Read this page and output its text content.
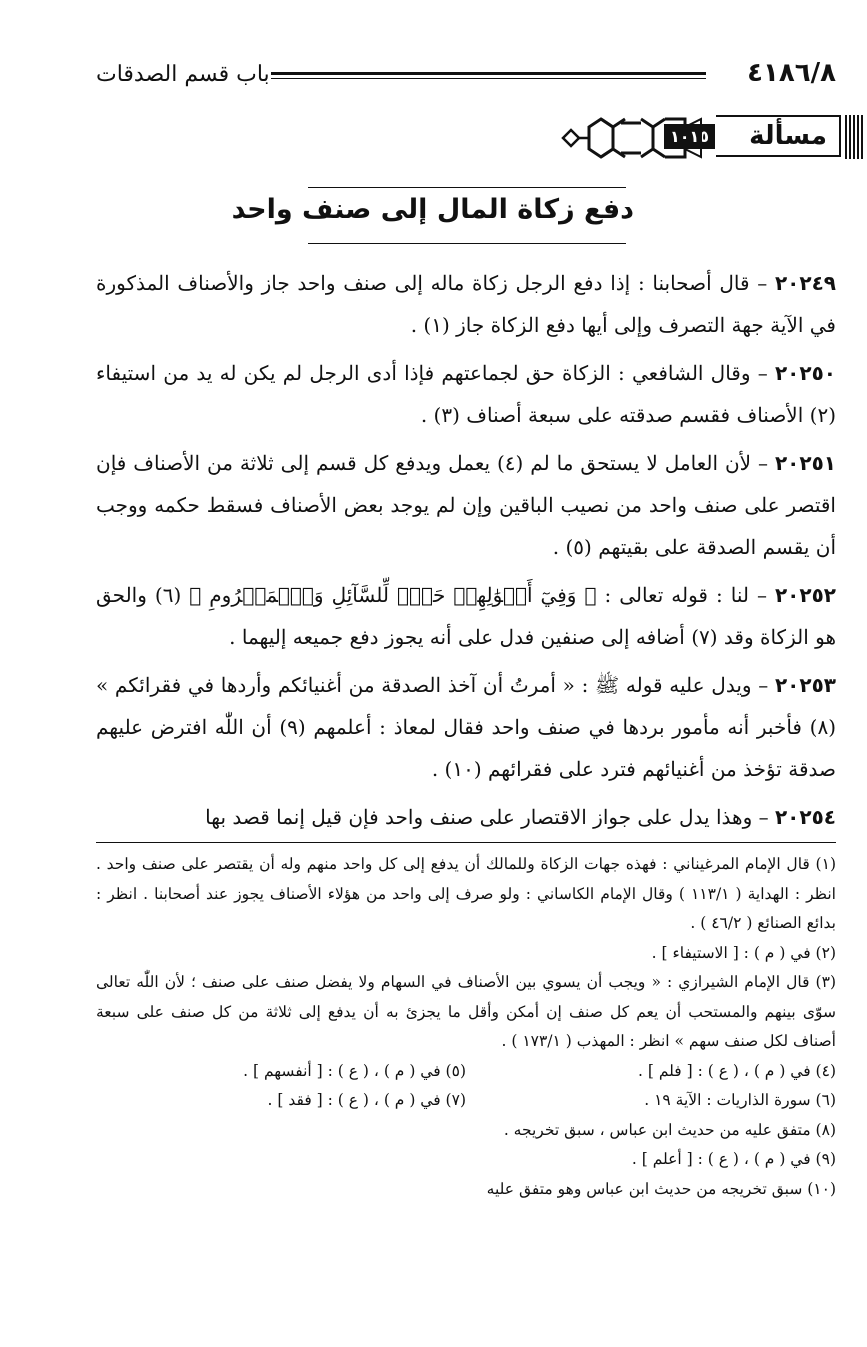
٤١٨٦/٨
باب قسم الصدقات
مسألة
١٠١٥
دفع زكاة المال إلى صنف واحد

٢٠٢٤٩ – قال أصحابنا : إذا دفع الرجل زكاة ماله إلى صنف واحد جاز والأصناف المذكورة في الآية جهة التصرف وإلى أيها دفع الزكاة جاز (١) .

٢٠٢٥٠ – وقال الشافعي : الزكاة حق لجماعتهم فإذا أدى الرجل لم يكن له يد من استيفاء (٢) الأصناف فقسم صدقته على سبعة أصناف (٣) .

٢٠٢٥١ – لأن العامل لا يستحق ما لم (٤) يعمل ويدفع كل قسم إلى ثلاثة من الأصناف فإن اقتصر على صنف واحد من نصيب الباقين وإن لم يوجد بعض الأصناف فسقط حكمه ووجب أن يقسم الصدقة على بقيتهم (٥) .

٢٠٢٥٢ – لنا : قوله تعالى : ﴿ وَفِيٓ أَمۡوَٰلِهِمۡ حَقّٞ لِّلسَّآئِلِ وَٱلۡمَحۡرُومِ ﴾ (٦) والحق هو الزكاة وقد (٧) أضافه إلى صنفين فدل على أنه يجوز دفع جميعه إليهما .

٢٠٢٥٣ – ويدل عليه قوله ﷺ : « أمرتُ أن آخذ الصدقة من أغنيائكم وأردها في فقرائكم » (٨) فأخبر أنه مأمور بردها في صنف واحد فقال لمعاذ : أعلمهم (٩) أن اللّٰه افترض عليهم صدقة تؤخذ من أغنيائهم فترد على فقرائهم (١٠) .

٢٠٢٥٤ – وهذا يدل على جواز الاقتصار على صنف واحد فإن قيل إنما قصد بها

(١) قال الإمام المرغيناني : فهذه جهات الزكاة وللمالك أن يدفع إلى كل واحد منهم وله أن يقتصر على صنف واحد . انظر : الهداية ( ١١٣/١ ) وقال الإمام الكاساني : ولو صرف إلى واحد من هؤلاء الأصناف يجوز عند أصحابنا . انظر : بدائع الصنائع ( ٤٦/٢ ) .

(٢) في ( م ) : [ الاستيفاء ] .

(٣) قال الإمام الشيرازي : « ويجب أن يسوي بين الأصناف في السهام ولا يفضل صنف على صنف ؛ لأن اللّٰه تعالى سوّى بينهم والمستحب أن يعم كل صنف إن أمكن وأقل ما يجزئ به أن يدفع إلى ثلاثة من كل صنف على سبعة أصناف لكل صنف سهم » انظر : المهذب ( ١٧٣/١ ) .

(٤) في ( م ) ، ( ع ) : [ فلم ] .

(٥) في ( م ) ، ( ع ) : [ أنفسهم ] .

(٦) سورة الذاريات : الآية ١٩ .

(٧) في ( م ) ، ( ع ) : [ فقد ] .

(٨) متفق عليه من حديث ابن عباس ، سبق تخريجه .

(٩) في ( م ) ، ( ع ) : [ أعلم ] .

(١٠) سبق تخريجه من حديث ابن عباس وهو متفق عليه
